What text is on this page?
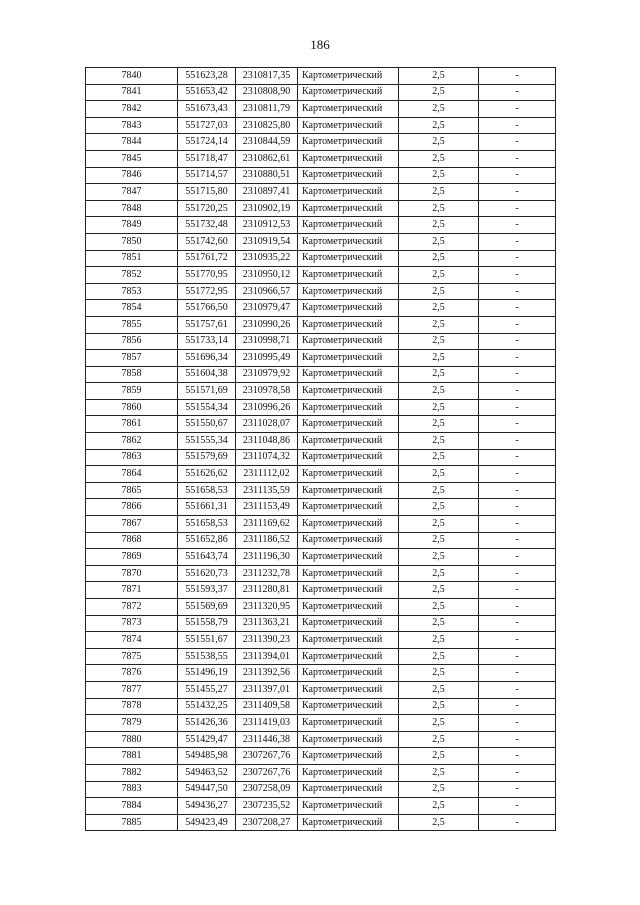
186
7840	551623,28	2310817,35	Картометрический	2,5	-
7841	551653,42	2310808,90	Картометрический	2,5	-
7842	551673,43	2310811,79	Картометрический	2,5	-
7843	551727,03	2310825,80	Картометрический	2,5	-
7844	551724,14	2310844,59	Картометрический	2,5	-
7845	551718,47	2310862,61	Картометрический	2,5	-
7846	551714,57	2310880,51	Картометрический	2,5	-
7847	551715,80	2310897,41	Картометрический	2,5	-
7848	551720,25	2310902,19	Картометрический	2,5	-
7849	551732,48	2310912,53	Картометрический	2,5	-
7850	551742,60	2310919,54	Картометрический	2,5	-
7851	551761,72	2310935,22	Картометрический	2,5	-
7852	551770,95	2310950,12	Картометрический	2,5	-
7853	551772,95	2310966,57	Картометрический	2,5	-
7854	551766,50	2310979,47	Картометрический	2,5	-
7855	551757,61	2310990,26	Картометрический	2,5	-
7856	551733,14	2310998,71	Картометрический	2,5	-
7857	551696,34	2310995,49	Картометрический	2,5	-
7858	551604,38	2310979,92	Картометрический	2,5	-
7859	551571,69	2310978,58	Картометрический	2,5	-
7860	551554,34	2310996,26	Картометрический	2,5	-
7861	551550,67	2311028,07	Картометрический	2,5	-
7862	551555,34	2311048,86	Картометрический	2,5	-
7863	551579,69	2311074,32	Картометрический	2,5	-
7864	551626,62	2311112,02	Картометрический	2,5	-
7865	551658,53	2311135,59	Картометрический	2,5	-
7866	551661,31	2311153,49	Картометрический	2,5	-
7867	551658,53	2311169,62	Картометрический	2,5	-
7868	551652,86	2311186,52	Картометрический	2,5	-
7869	551643,74	2311196,30	Картометрический	2,5	-
7870	551620,73	2311232,78	Картометрический	2,5	-
7871	551593,37	2311280,81	Картометрический	2,5	-
7872	551569,69	2311320,95	Картометрический	2,5	-
7873	551558,79	2311363,21	Картометрический	2,5	-
7874	551551,67	2311390,23	Картометрический	2,5	-
7875	551538,55	2311394,01	Картометрический	2,5	-
7876	551496,19	2311392,56	Картометрический	2,5	-
7877	551455,27	2311397,01	Картометрический	2,5	-
7878	551432,25	2311409,58	Картометрический	2,5	-
7879	551426,36	2311419,03	Картометрический	2,5	-
7880	551429,47	2311446,38	Картометрический	2,5	-
7881	549485,98	2307267,76	Картометрический	2,5	-
7882	549463,52	2307267,76	Картометрический	2,5	-
7883	549447,50	2307258,09	Картометрический	2,5	-
7884	549436,27	2307235,52	Картометрический	2,5	-
7885	549423,49	2307208,27	Картометрический	2,5	-
